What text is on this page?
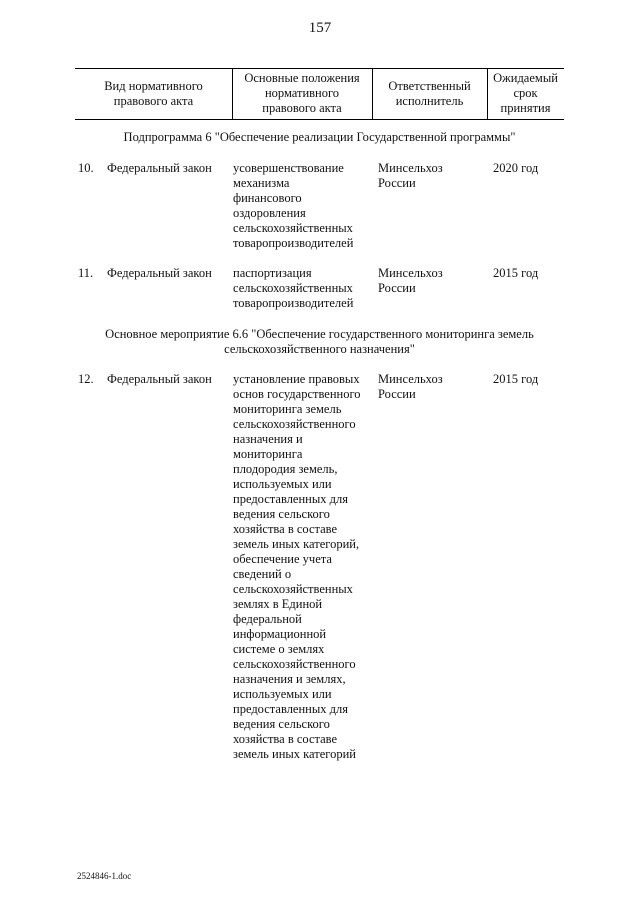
157
Вид нормативного
правового акта
Основные положения
нормативного
правового акта
Ответственный
исполнитель
Ожидаемый
срок
принятия
Подпрограмма 6 "Обеспечение реализации Государственной программы"
10. Федеральный закон усовершенствование
механизма
финансового
оздоровления
сельскохозяйственных
товаропроизводителей
Минсельхоз
России
2020 год
11. Федеральный закон паспортизация
сельскохозяйственных
товаропроизводителей
Минсельхоз
России
2015 год
Основное мероприятие 6.6 "Обеспечение государственного мониторинга земель
сельскохозяйственного назначения"
12. Федеральный закон установление правовых
основ государственного
мониторинга земель
сельскохозяйственного
назначения и
мониторинга
плодородия земель,
используемых или
предоставленных для
ведения сельского
хозяйства в составе
земель иных категорий,
обеспечение учета
сведений о
сельскохозяйственных
землях в Единой
федеральной
информационной
системе о землях
сельскохозяйственного
назначения и землях,
используемых или
предоставленных для
ведения сельского
хозяйства в составе
земель иных категорий
Минсельхоз
России
2015 год
2524846-1.doc
